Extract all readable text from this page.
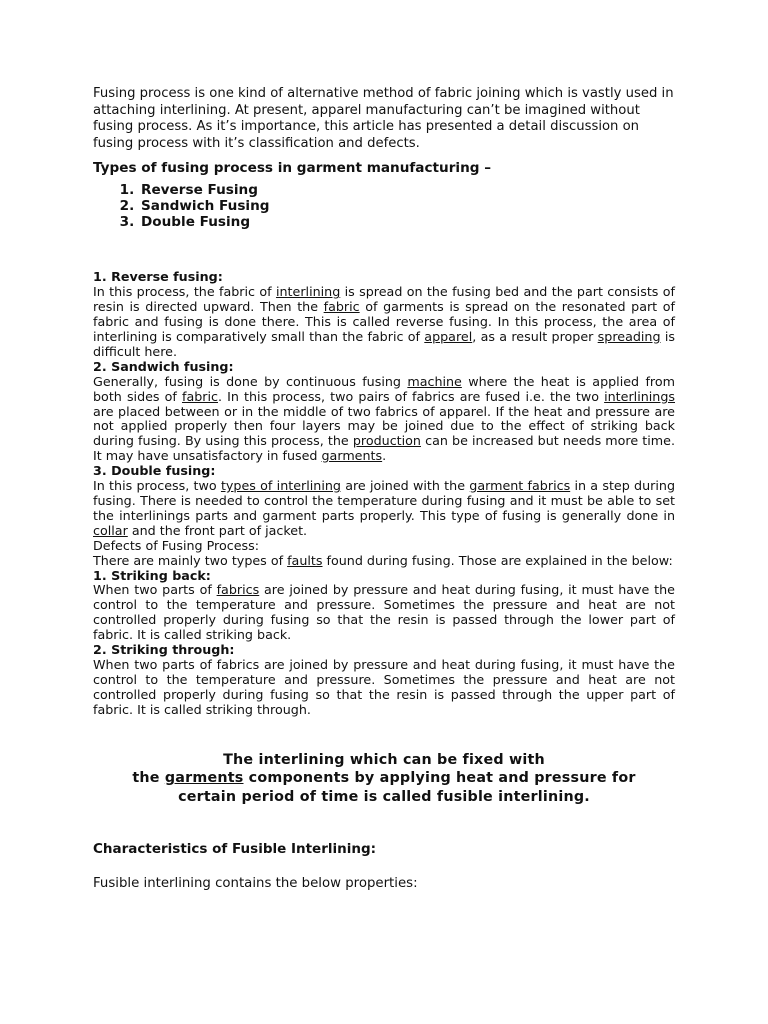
Fusing process is one kind of alternative method of fabric joining which is vastly used in attaching interlining. At present, apparel manufacturing can’t be imagined without fusing process. As it’s importance, this article has presented a detail discussion on fusing process with it’s classification and defects.

Types of fusing process in garment manufacturing –
1. Reverse Fusing
2. Sandwich Fusing
3. Double Fusing

1. Reverse fusing:

In this process, the fabric of interlining is spread on the fusing bed and the part consists of resin is directed upward. Then the fabric of garments is spread on the resonated part of fabric and fusing is done there. This is called reverse fusing. In this process, the area of interlining is comparatively small than the fabric of apparel, as a result proper spreading is difficult here.

2. Sandwich fusing:

Generally, fusing is done by continuous fusing machine where the heat is applied from both sides of fabric. In this process, two pairs of fabrics are fused i.e. the two interlinings are placed between or in the middle of two fabrics of apparel. If the heat and pressure are not applied properly then four layers may be joined due to the effect of striking back during fusing. By using this process, the production can be increased but needs more time. It may have unsatisfactory in fused garments.

3. Double fusing:

In this process, two types of interlining are joined with the garment fabrics in a step during fusing. There is needed to control the temperature during fusing and it must be able to set the interlinings parts and garment parts properly. This type of fusing is generally done in collar and the front part of jacket.

Defects of Fusing Process:

There are mainly two types of faults found during fusing. Those are explained in the below:

1. Striking back:

When two parts of fabrics are joined by pressure and heat during fusing, it must have the control to the temperature and pressure. Sometimes the pressure and heat are not controlled properly during fusing so that the resin is passed through the lower part of fabric. It is called striking back.

2. Striking through:

When two parts of fabrics are joined by pressure and heat during fusing, it must have the control to the temperature and pressure. Sometimes the pressure and heat are not controlled properly during fusing so that the resin is passed through the upper part of fabric. It is called striking through.

The interlining which can be fixed with
the garments components by applying heat and pressure for
certain period of time is called fusible interlining.
Characteristics of Fusible Interlining:
Fusible interlining contains the below properties:
